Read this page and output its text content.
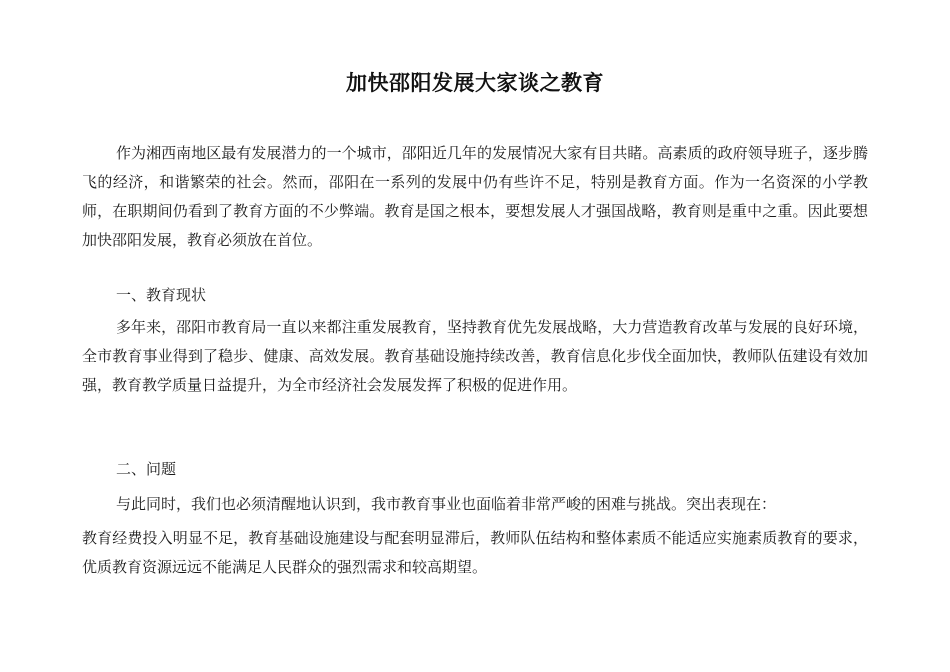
加快邵阳发展大家谈之教育

作为湘西南地区最有发展潜力的一个城市，邵阳近几年的发展情况大家有目共睹。高素质的政府领导班子，逐步腾飞的经济，和谐繁荣的社会。然而，邵阳在一系列的发展中仍有些许不足，特别是教育方面。作为一名资深的小学教师，在职期间仍看到了教育方面的不少弊端。教育是国之根本，要想发展人才强国战略，教育则是重中之重。因此要想加快邵阳发展，教育必须放在首位。

一、教育现状

多年来，邵阳市教育局一直以来都注重发展教育，坚持教育优先发展战略，大力营造教育改革与发展的良好环境，全市教育事业得到了稳步、健康、高效发展。教育基础设施持续改善，教育信息化步伐全面加快，教师队伍建设有效加强，教育教学质量日益提升，为全市经济社会发展发挥了积极的促进作用。

二、问题
与此同时，我们也必须清醒地认识到，我市教育事业也面临着非常严峻的困难与挑战。突出表现在：

教育经费投入明显不足，教育基础设施建设与配套明显滞后，教师队伍结构和整体素质不能适应实施素质教育的要求，优质教育资源远远不能满足人民群众的强烈需求和较高期望。
